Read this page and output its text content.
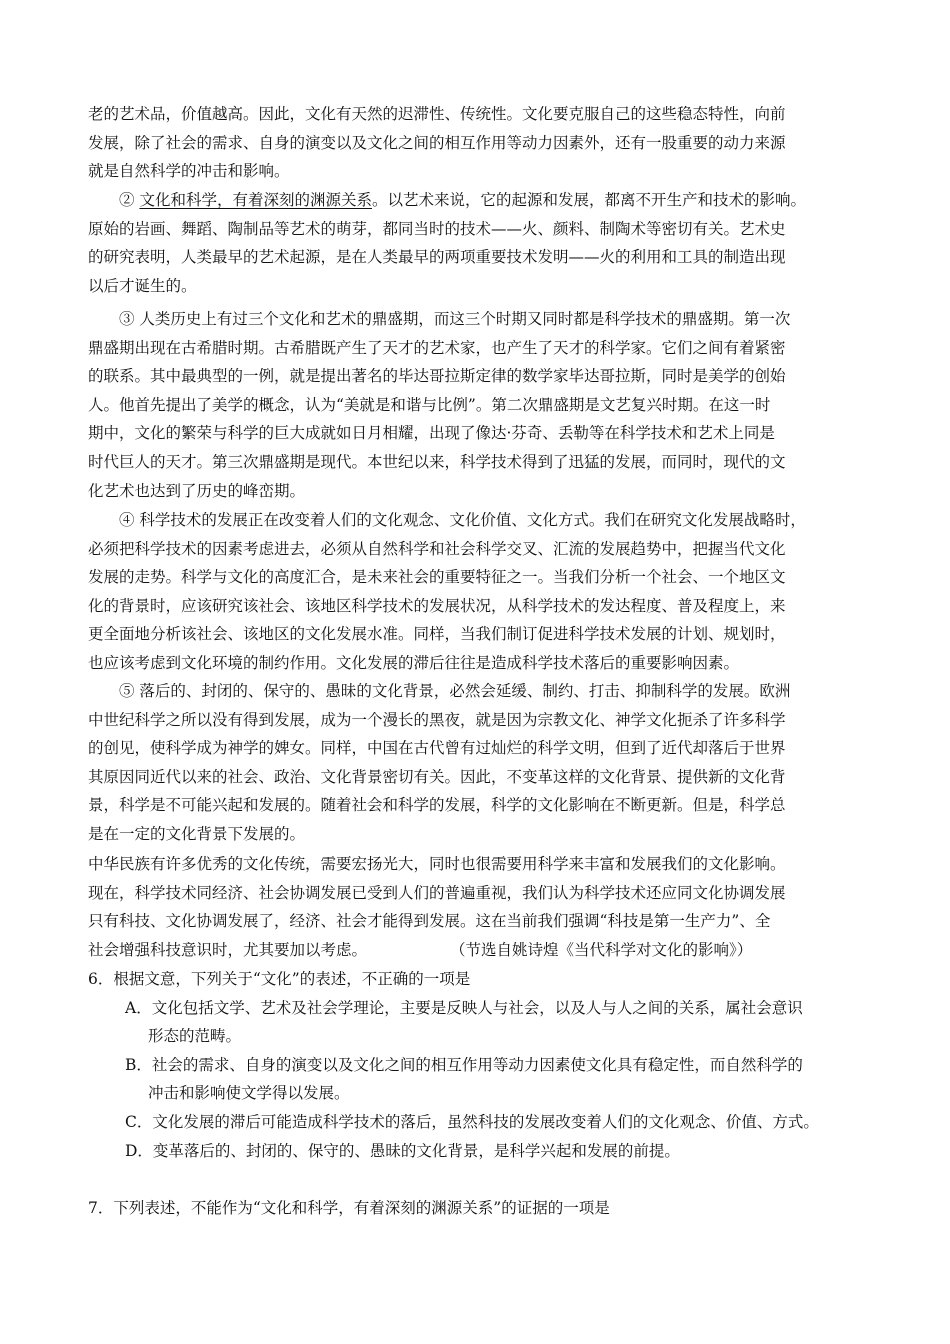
老的艺术品，价值越高。因此，文化有天然的迟滞性、传统性。文化要克服自己的这些稳态特性，向前
发展，除了社会的需求、自身的演变以及文化之间的相互作用等动力因素外，还有一股重要的动力来源
就是自然科学的冲击和影响。
② 文化和科学，有着深刻的渊源关系。以艺术来说，它的起源和发展，都离不开生产和技术的影响。
原始的岩画、舞蹈、陶制品等艺术的萌芽，都同当时的技术——火、颜料、制陶术等密切有关。艺术史
的研究表明，人类最早的艺术起源，是在人类最早的两项重要技术发明——火的利用和工具的制造出现
以后才诞生的。
③ 人类历史上有过三个文化和艺术的鼎盛期，而这三个时期又同时都是科学技术的鼎盛期。第一次
鼎盛期出现在古希腊时期。古希腊既产生了天才的艺术家，也产生了天才的科学家。它们之间有着紧密
的联系。其中最典型的一例，就是提出著名的毕达哥拉斯定律的数学家毕达哥拉斯，同时是美学的创始
人。他首先提出了美学的概念，认为“美就是和谐与比例”。第二次鼎盛期是文艺复兴时期。在这一时
期中，文化的繁荣与科学的巨大成就如日月相耀，出现了像达·芬奇、丢勒等在科学技术和艺术上同是
时代巨人的天才。第三次鼎盛期是现代。本世纪以来，科学技术得到了迅猛的发展，而同时，现代的文
化艺术也达到了历史的峰峦期。
④ 科学技术的发展正在改变着人们的文化观念、文化价值、文化方式。我们在研究文化发展战略时，
必须把科学技术的因素考虑进去，必须从自然科学和社会科学交叉、汇流的发展趋势中，把握当代文化
发展的走势。科学与文化的高度汇合，是未来社会的重要特征之一。当我们分析一个社会、一个地区文
化的背景时，应该研究该社会、该地区科学技术的发展状况，从科学技术的发达程度、普及程度上，来
更全面地分析该社会、该地区的文化发展水准。同样，当我们制订促进科学技术发展的计划、规划时，
也应该考虑到文化环境的制约作用。文化发展的滞后往往是造成科学技术落后的重要影响因素。
⑤ 落后的、封闭的、保守的、愚昧的文化背景，必然会延缓、制约、打击、抑制科学的发展。欧洲
中世纪科学之所以没有得到发展，成为一个漫长的黑夜，就是因为宗教文化、神学文化扼杀了许多科学
的创见，使科学成为神学的婢女。同样，中国在古代曾有过灿烂的科学文明，但到了近代却落后于世界
其原因同近代以来的社会、政治、文化背景密切有关。因此，不变革这样的文化背景、提供新的文化背
景，科学是不可能兴起和发展的。随着社会和科学的发展，科学的文化影响在不断更新。但是，科学总
是在一定的文化背景下发展的。
中华民族有许多优秀的文化传统，需要宏扬光大，同时也很需要用科学来丰富和发展我们的文化影响。
现在，科学技术同经济、社会协调发展已受到人们的普遍重视，我们认为科学技术还应同文化协调发展
只有科技、文化协调发展了，经济、社会才能得到发展。这在当前我们强调“科技是第一生产力”、全
社会增强科技意识时，尤其要加以考虑。	（节选自姚诗煌《当代科学对文化的影响》）
6．根据文意，下列关于“文化”的表述，不正确的一项是
A．文化包括文学、艺术及社会学理论，主要是反映人与社会，以及人与人之间的关系，属社会意识
形态的范畴。
B．社会的需求、自身的演变以及文化之间的相互作用等动力因素使文化具有稳定性，而自然科学的
冲击和影响使文学得以发展。
C．文化发展的滞后可能造成科学技术的落后，虽然科技的发展改变着人们的文化观念、价值、方式。
D．变革落后的、封闭的、保守的、愚昧的文化背景，是科学兴起和发展的前提。
7．下列表述，不能作为“文化和科学，有着深刻的渊源关系”的证据的一项是
